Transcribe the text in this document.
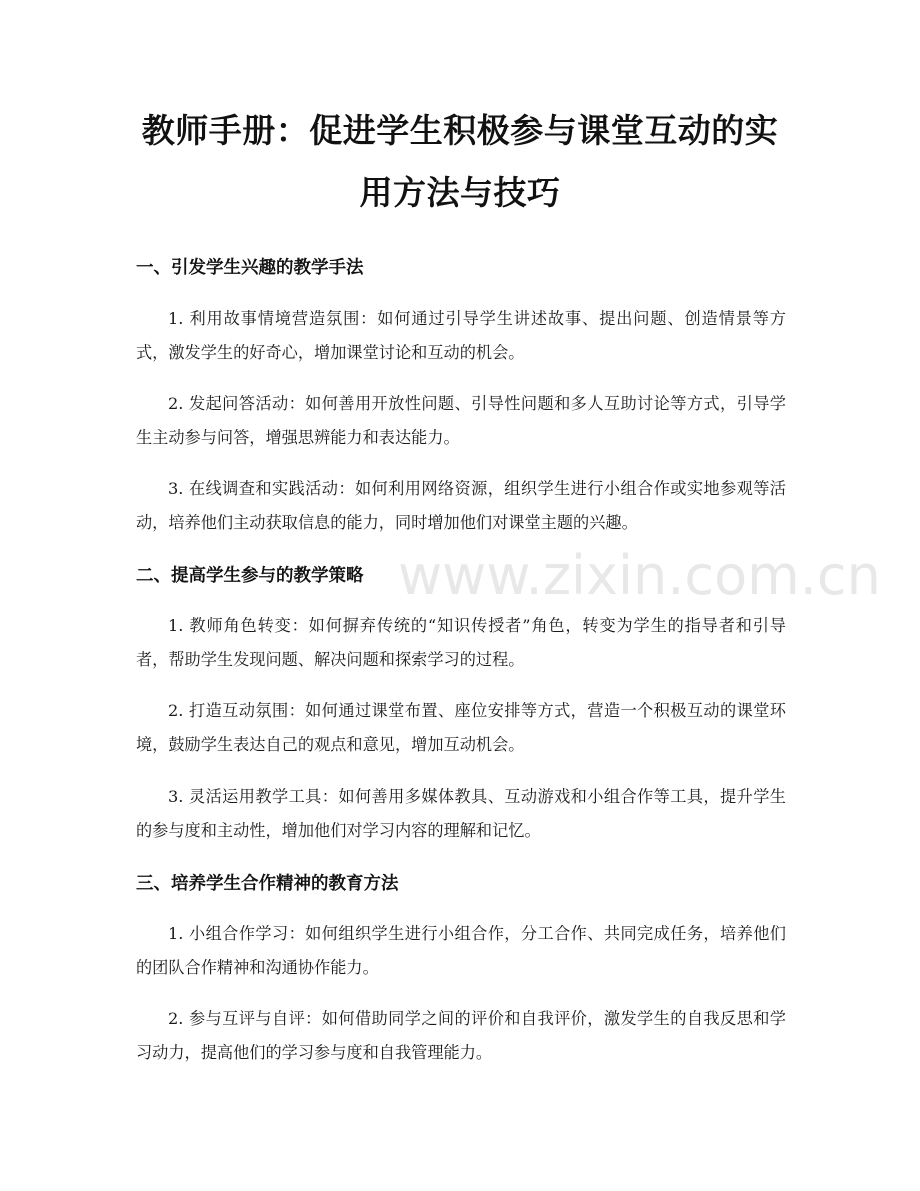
教师手册：促进学生积极参与课堂互动的实用方法与技巧
一、引发学生兴趣的教学手法
1. 利用故事情境营造氛围：如何通过引导学生讲述故事、提出问题、创造情景等方式，激发学生的好奇心，增加课堂讨论和互动的机会。
2. 发起问答活动：如何善用开放性问题、引导性问题和多人互助讨论等方式，引导学生主动参与问答，增强思辨能力和表达能力。
3. 在线调查和实践活动：如何利用网络资源，组织学生进行小组合作或实地参观等活动，培养他们主动获取信息的能力，同时增加他们对课堂主题的兴趣。
二、提高学生参与的教学策略
1. 教师角色转变：如何摒弃传统的“知识传授者”角色，转变为学生的指导者和引导者，帮助学生发现问题、解决问题和探索学习的过程。
2. 打造互动氛围：如何通过课堂布置、座位安排等方式，营造一个积极互动的课堂环境，鼓励学生表达自己的观点和意见，增加互动机会。
3. 灵活运用教学工具：如何善用多媒体教具、互动游戏和小组合作等工具，提升学生的参与度和主动性，增加他们对学习内容的理解和记忆。
三、培养学生合作精神的教育方法
1. 小组合作学习：如何组织学生进行小组合作，分工合作、共同完成任务，培养他们的团队合作精神和沟通协作能力。
2. 参与互评与自评：如何借助同学之间的评价和自我评价，激发学生的自我反思和学习动力，提高他们的学习参与度和自我管理能力。
www.zixin.com.cn
